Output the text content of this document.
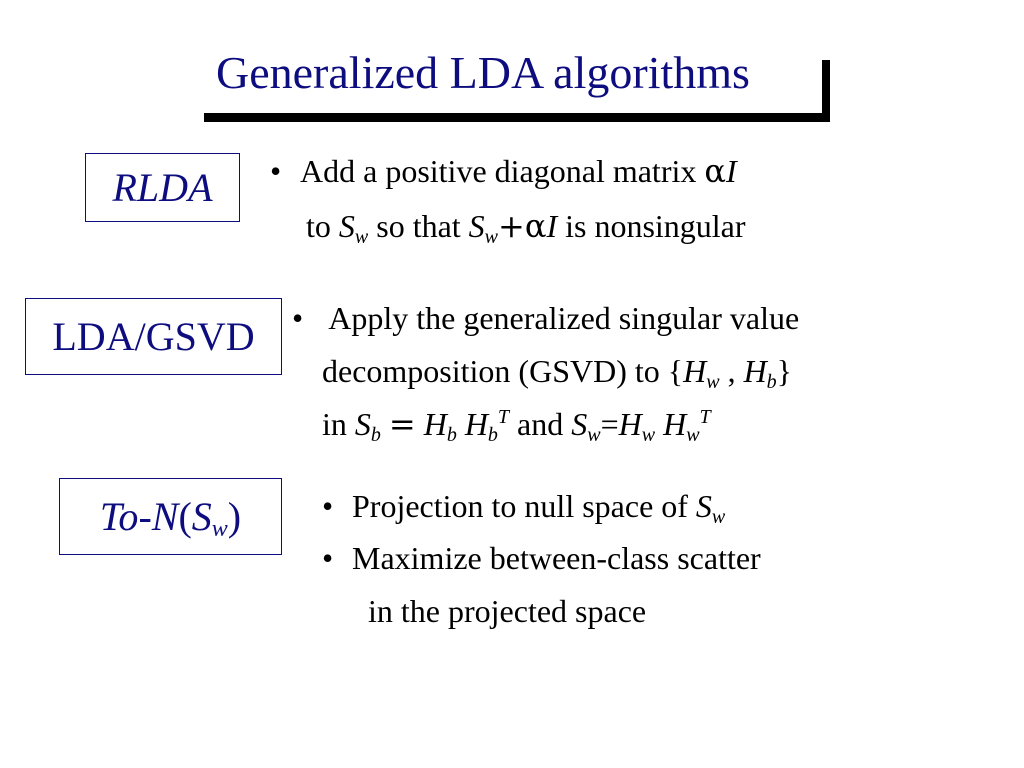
Generalized LDA algorithms
RLDA • Add a positive diagonal matrix αI
to Sw so that Sw+αI is nonsingular
LDA/GSVD • Apply the generalized singular value
decomposition (GSVD) to {Hw , Hb}
in Sb = Hb $Hb^T$ and Sw=Hw $Hw^T$
$To-N(S_w)$	• Projection to null space of Sw
• Maximize between-class scatter
in the projected space
